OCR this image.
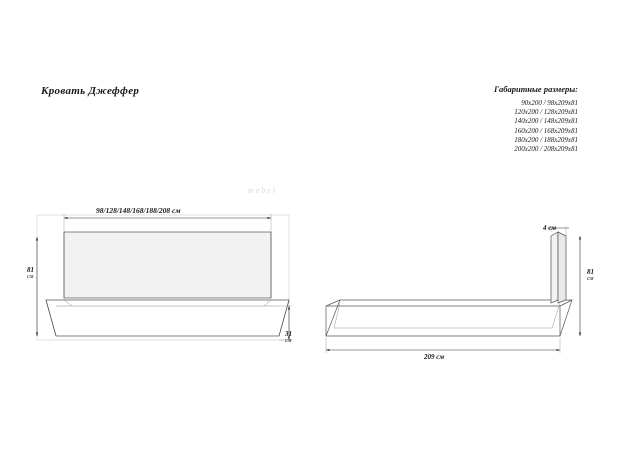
Кровать Джеффер	Габаритные размеры:
90x200 / 98x209x81
120x200 / 128x209x81
140x200 / 148x209x81
160x200 / 168x209x81
180x200 / 188x209x81
200x200 / 208x209x81
mebel
98/128/148/168/188/208 см
81
см
31
см
209 см
4 см
81
см
